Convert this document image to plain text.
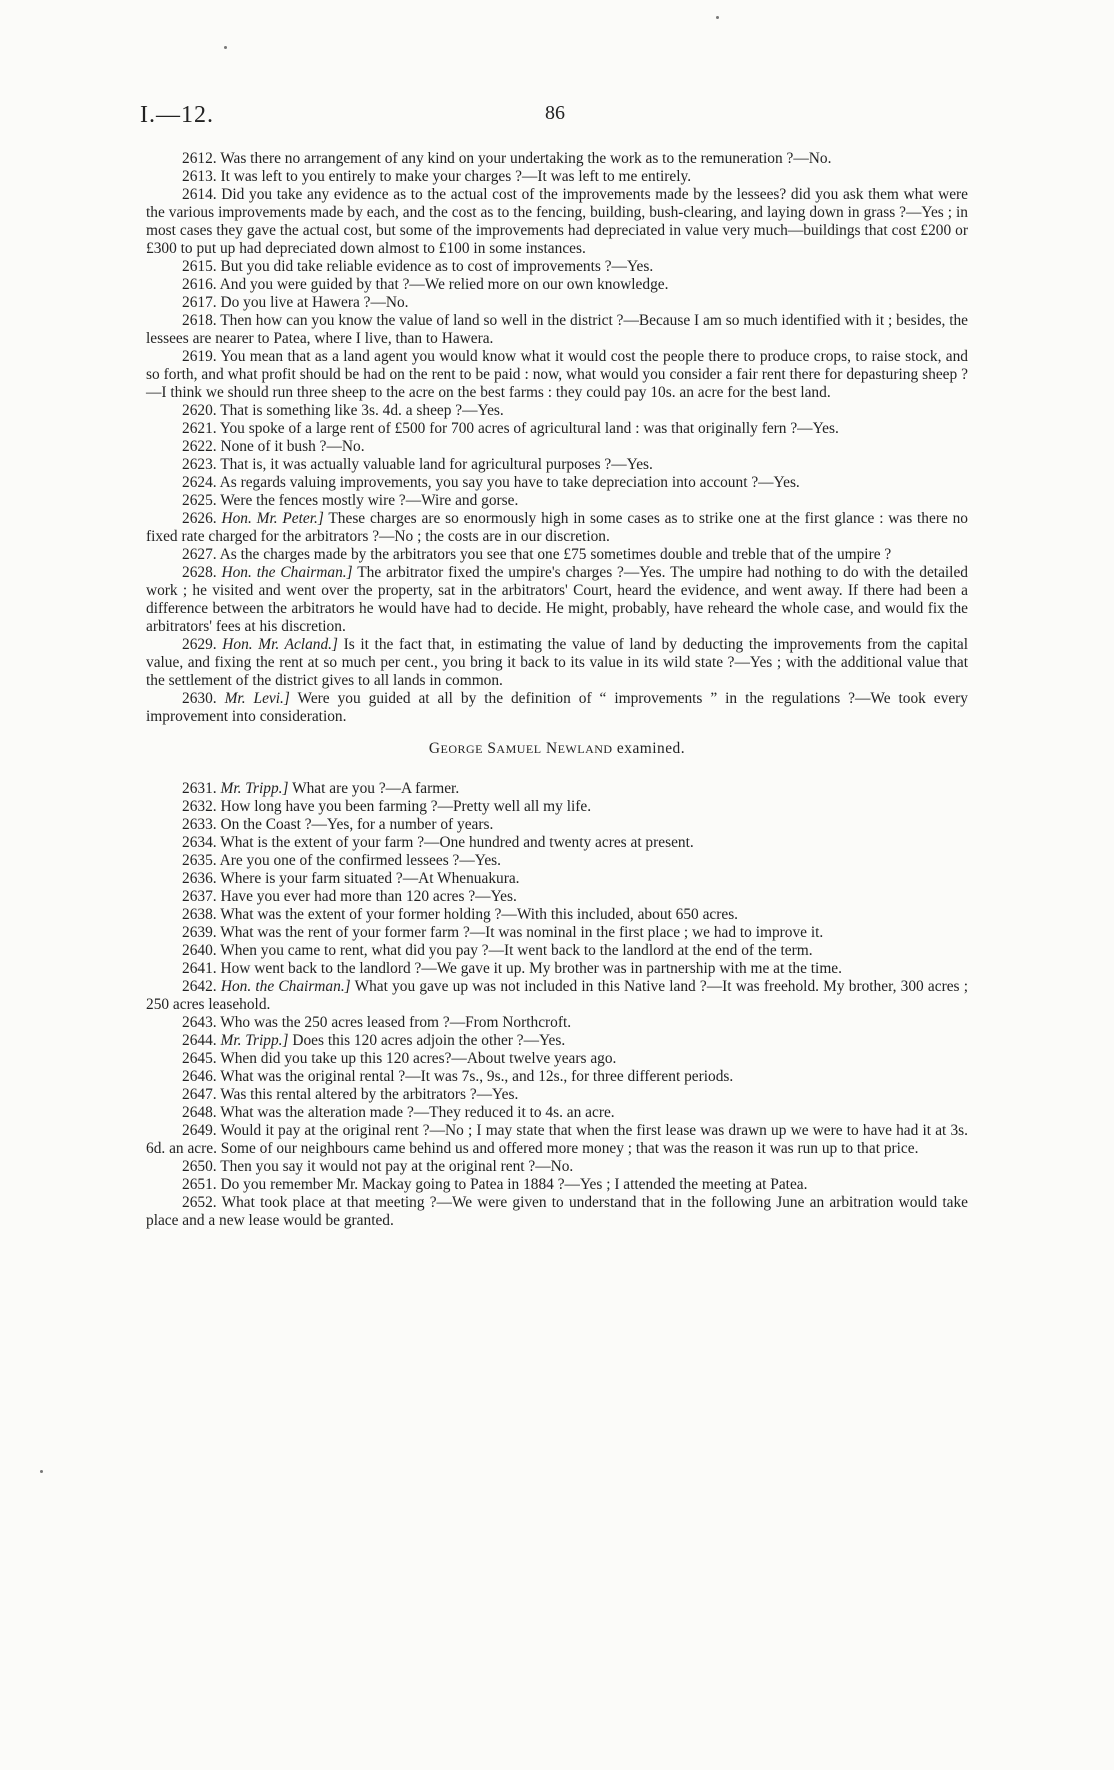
I.—12.	86

2612. Was there no arrangement of any kind on your undertaking the work as to the remuneration ?—No.

2613. It was left to you entirely to make your charges ?—It was left to me entirely.

2614. Did you take any evidence as to the actual cost of the improvements made by the lessees? did you ask them what were the various improvements made by each, and the cost as to the fencing, building, bush-clearing, and laying down in grass ?—Yes ; in most cases they gave the actual cost, but some of the improvements had depreciated in value very much—buildings that cost £200 or £300 to put up had depreciated down almost to £100 in some instances.

2615. But you did take reliable evidence as to cost of improvements ?—Yes.

2616. And you were guided by that ?—We relied more on our own knowledge.

2617. Do you live at Hawera ?—No.

2618. Then how can you know the value of land so well in the district ?—Because I am so much identified with it ; besides, the lessees are nearer to Patea, where I live, than to Hawera.

2619. You mean that as a land agent you would know what it would cost the people there to produce crops, to raise stock, and so forth, and what profit should be had on the rent to be paid : now, what would you consider a fair rent there for depasturing sheep ?—I think we should run three sheep to the acre on the best farms : they could pay 10s. an acre for the best land.

2620. That is something like 3s. 4d. a sheep ?—Yes.

2621. You spoke of a large rent of £500 for 700 acres of agricultural land : was that originally fern ?—Yes.

2622. None of it bush ?—No.

2623. That is, it was actually valuable land for agricultural purposes ?—Yes.

2624. As regards valuing improvements, you say you have to take depreciation into account ?—Yes.

2625. Were the fences mostly wire ?—Wire and gorse.

2626. Hon. Mr. Peter.] These charges are so enormously high in some cases as to strike one at the first glance : was there no fixed rate charged for the arbitrators ?—No ; the costs are in our discretion.

2627. As the charges made by the arbitrators you see that one £75 sometimes double and treble that of the umpire ?

2628. Hon. the Chairman.] The arbitrator fixed the umpire's charges ?—Yes. The umpire had nothing to do with the detailed work ; he visited and went over the property, sat in the arbitrators' Court, heard the evidence, and went away. If there had been a difference between the arbitrators he would have had to decide. He might, probably, have reheard the whole case, and would fix the arbitrators' fees at his discretion.

2629. Hon. Mr. Acland.] Is it the fact that, in estimating the value of land by deducting the improvements from the capital value, and fixing the rent at so much per cent., you bring it back to its value in its wild state ?—Yes ; with the additional value that the settlement of the district gives to all lands in common.

2630. Mr. Levi.] Were you guided at all by the definition of “ improvements ” in the regulations ?—We took every improvement into consideration.

GEORGE SAMUEL NEWLAND examined.

2631. Mr. Tripp.] What are you ?—A farmer.

2632. How long have you been farming ?—Pretty well all my life.

2633. On the Coast ?—Yes, for a number of years.

2634. What is the extent of your farm ?—One hundred and twenty acres at present.

2635. Are you one of the confirmed lessees ?—Yes.

2636. Where is your farm situated ?—At Whenuakura.

2637. Have you ever had more than 120 acres ?—Yes.

2638. What was the extent of your former holding ?—With this included, about 650 acres.

2639. What was the rent of your former farm ?—It was nominal in the first place ; we had to improve it.

2640. When you came to rent, what did you pay ?—It went back to the landlord at the end of the term.

2641. How went back to the landlord ?—We gave it up. My brother was in partnership with me at the time.

2642. Hon. the Chairman.] What you gave up was not included in this Native land ?—It was freehold. My brother, 300 acres ; 250 acres leasehold.

2643. Who was the 250 acres leased from ?—From Northcroft.

2644. Mr. Tripp.] Does this 120 acres adjoin the other ?—Yes.

2645. When did you take up this 120 acres?—About twelve years ago.

2646. What was the original rental ?—It was 7s., 9s., and 12s., for three different periods.

2647. Was this rental altered by the arbitrators ?—Yes.

2648. What was the alteration made ?—They reduced it to 4s. an acre.

2649. Would it pay at the original rent ?—No ; I may state that when the first lease was drawn up we were to have had it at 3s. 6d. an acre. Some of our neighbours came behind us and offered more money ; that was the reason it was run up to that price.

2650. Then you say it would not pay at the original rent ?—No.

2651. Do you remember Mr. Mackay going to Patea in 1884 ?—Yes ; I attended the meeting at Patea.

2652. What took place at that meeting ?—We were given to understand that in the following June an arbitration would take place and a new lease would be granted.
